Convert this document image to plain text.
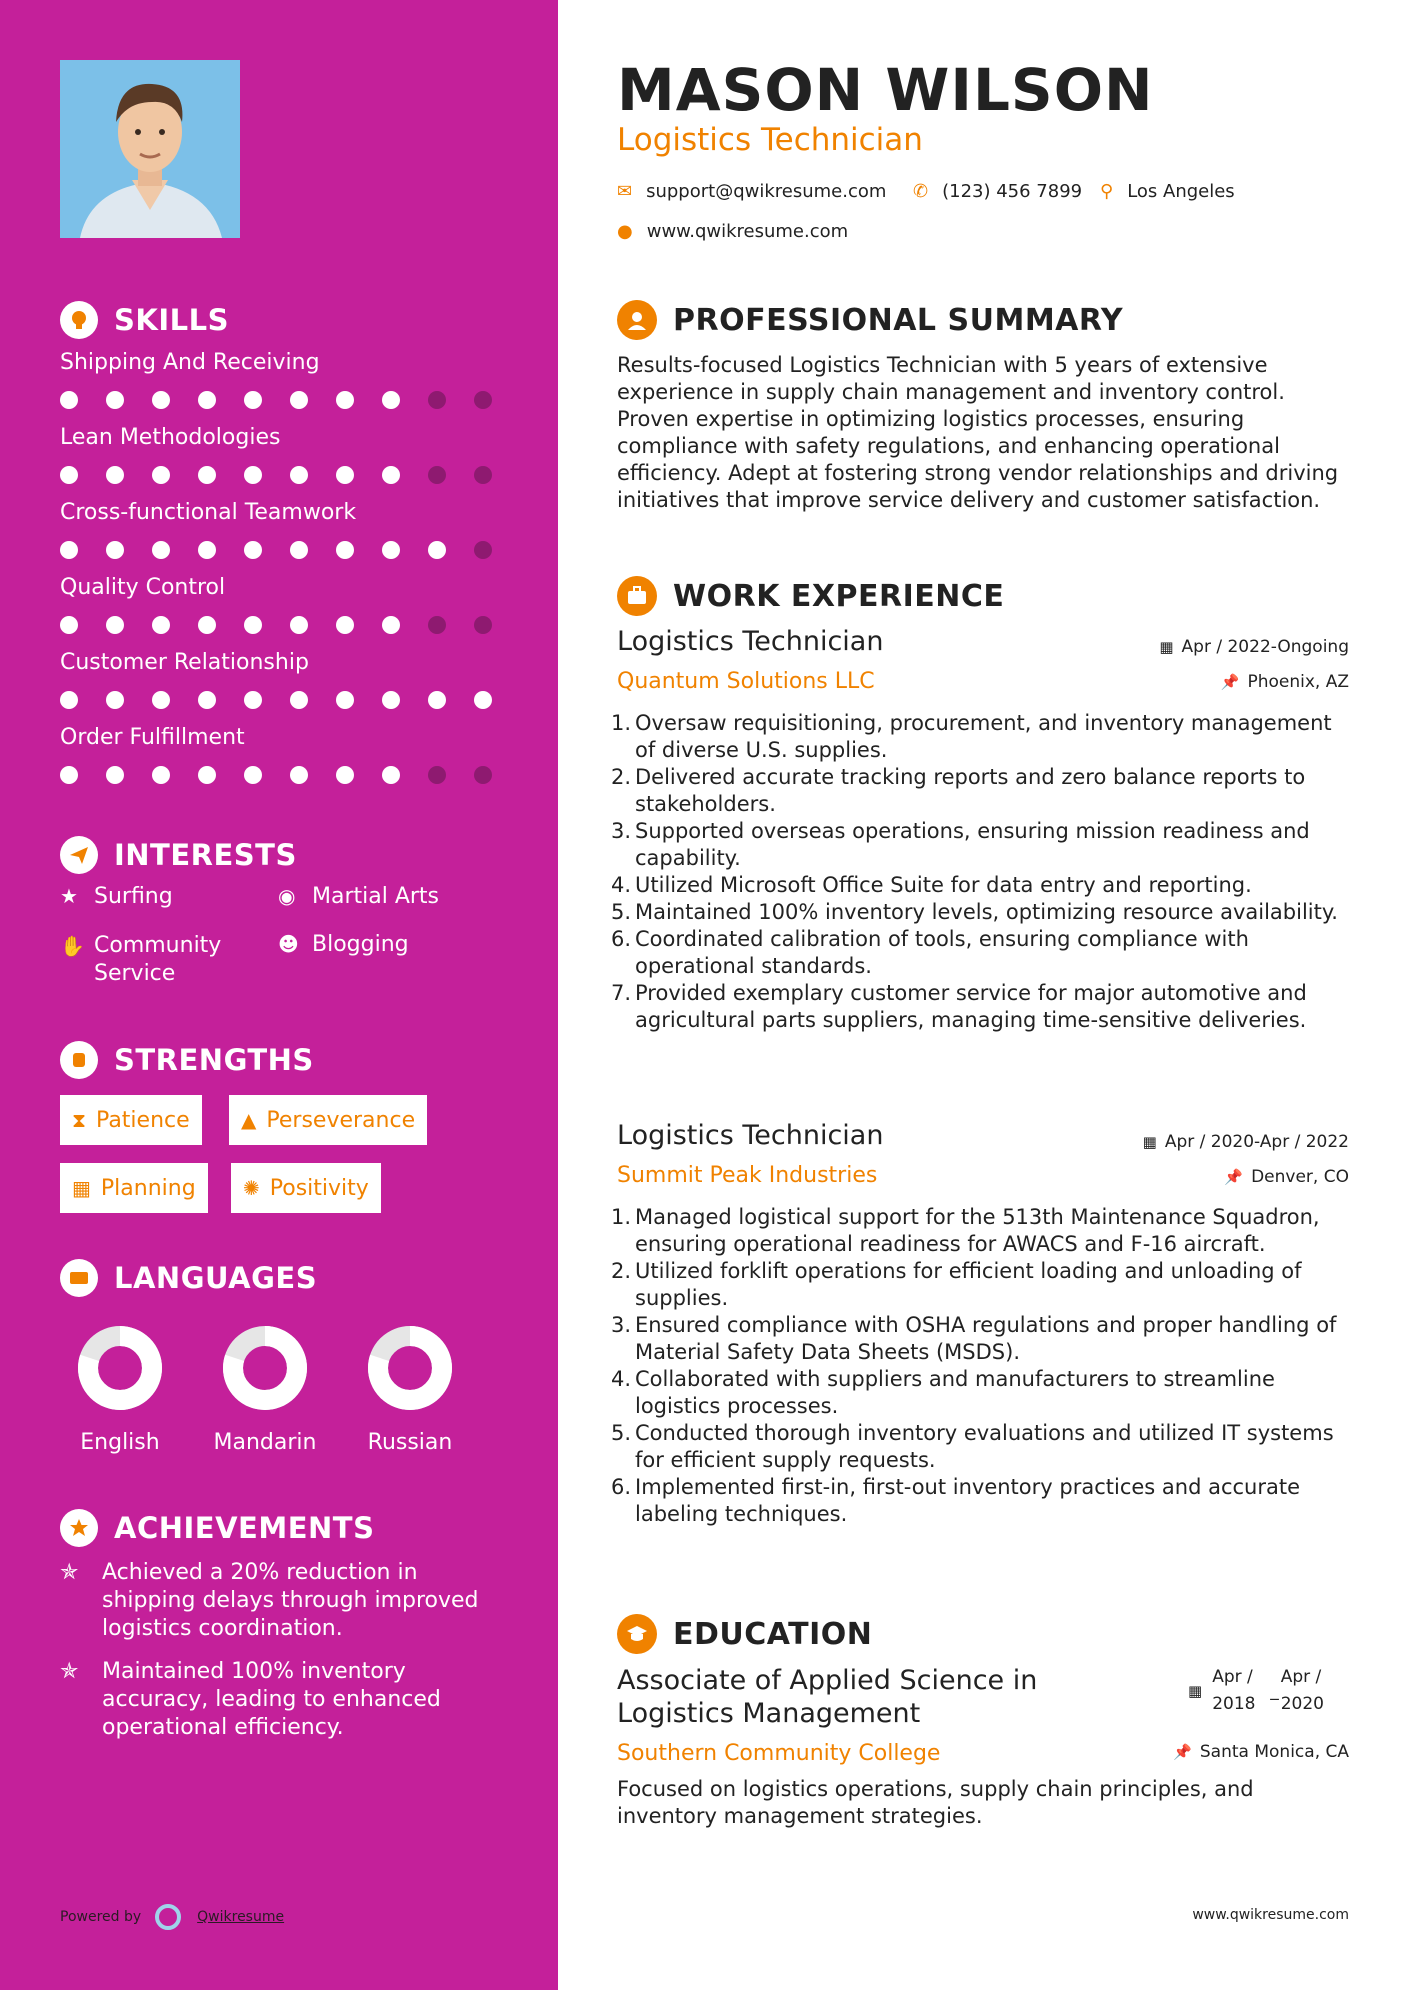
SKILLS
INTERESTS
★ Surfing	◉ Martial Arts
✋ Community Service
☻ Blogging
STRENGTHS
⧗ Patience	▲ Perseverance
▦ Planning ✺ Positivity
LANGUAGES
English	Mandarin	Russian
ACHIEVEMENTS
✯	Achieved a 20% reduction in shipping delays through improved logistics coordination.
✯	Maintained 100% inventory accuracy, leading to enhanced operational efficiency.
Powered by	Qwikresume
Shipping And Receiving
Lean Methodologies
Cross-functional Teamwork
Quality Control
Customer Relationship
Order Fulfillment
MASON WILSON
Logistics Technician
✉ support@qwikresume.com ✆ (123) 456 7899 ⚲ Los Angeles
● www.qwikresume.com
PROFESSIONAL SUMMARY
Results-focused Logistics Technician with 5 years of extensive experience in supply chain management and inventory control. Proven expertise in optimizing logistics processes, ensuring compliance with safety regulations, and enhancing operational efficiency. Adept at fostering strong vendor relationships and driving initiatives that improve service delivery and customer satisfaction.
WORK EXPERIENCE
Logistics Technician
Quantum Solutions LLC
▦ Apr / 2022-Ongoing
📌 Phoenix, AZ
1. Oversaw requisitioning, procurement, and inventory management of diverse U.S. supplies.
2. Delivered accurate tracking reports and zero balance reports to stakeholders.
3. Supported overseas operations, ensuring mission readiness and capability.
4. Utilized Microsoft Office Suite for data entry and reporting.
5. Maintained 100% inventory levels, optimizing resource availability.
6. Coordinated calibration of tools, ensuring compliance with operational standards.
7. Provided exemplary customer service for major automotive and agricultural parts suppliers, managing time-sensitive deliveries.
Logistics Technician
Summit Peak Industries
▦ Apr / 2020-Apr / 2022
📌 Denver, CO
1. Managed logistical support for the 513th Maintenance Squadron, ensuring operational readiness for AWACS and F-16 aircraft.
2. Utilized forklift operations for efficient loading and unloading of supplies.
3. Ensured compliance with OSHA regulations and proper handling of Material Safety Data Sheets (MSDS).
4. Collaborated with suppliers and manufacturers to streamline logistics processes.
5. Conducted thorough inventory evaluations and utilized IT systems for efficient supply requests.
6. Implemented first-in, first-out inventory practices and accurate labeling techniques.
EDUCATION
Associate of Applied Science in
Logistics Management
Southern Community College
▦
Apr /
2018
_
Apr /
2020
📌 Santa Monica, CA
Focused on logistics operations, supply chain principles, and inventory management strategies.
www.qwikresume.com
